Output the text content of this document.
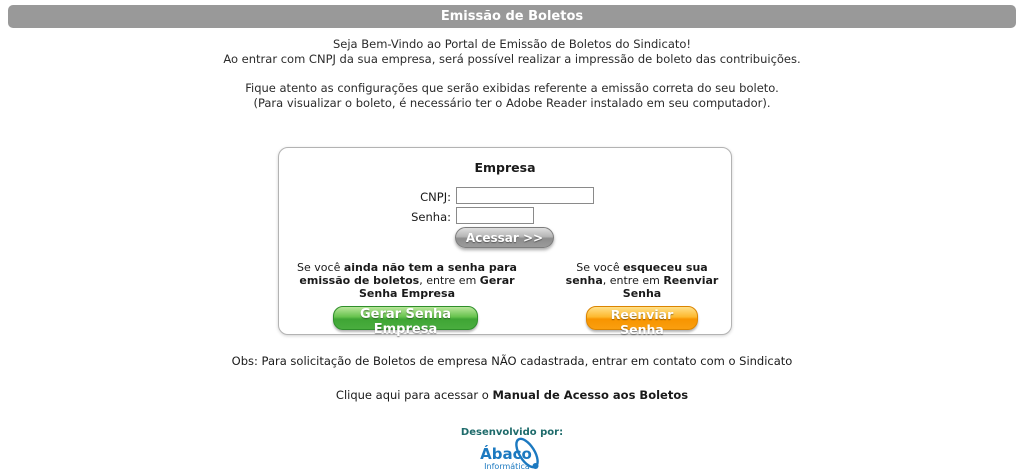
Emissão de Boletos
Seja Bem-Vindo ao Portal de Emissão de Boletos do Sindicato!
Ao entrar com CNPJ da sua empresa, será possível realizar a impressão de boleto das contribuições.
Fique atento as configurações que serão exibidas referente a emissão correta do seu boleto.
(Para visualizar o boleto, é necessário ter o Adobe Reader instalado em seu computador).
Empresa
CNPJ:
Senha:
Acessar >>
Se você ainda não tem a senha para emissão de boletos, entre em Gerar Senha Empresa
Se você esqueceu sua senha, entre em Reenviar Senha
Gerar Senha Empresa
Reenviar Senha
Obs: Para solicitação de Boletos de empresa NÃO cadastrada, entrar em contato com o Sindicato
Clique aqui para acessar o Manual de Acesso aos Boletos
Desenvolvido por:
Ábaco
Informática
